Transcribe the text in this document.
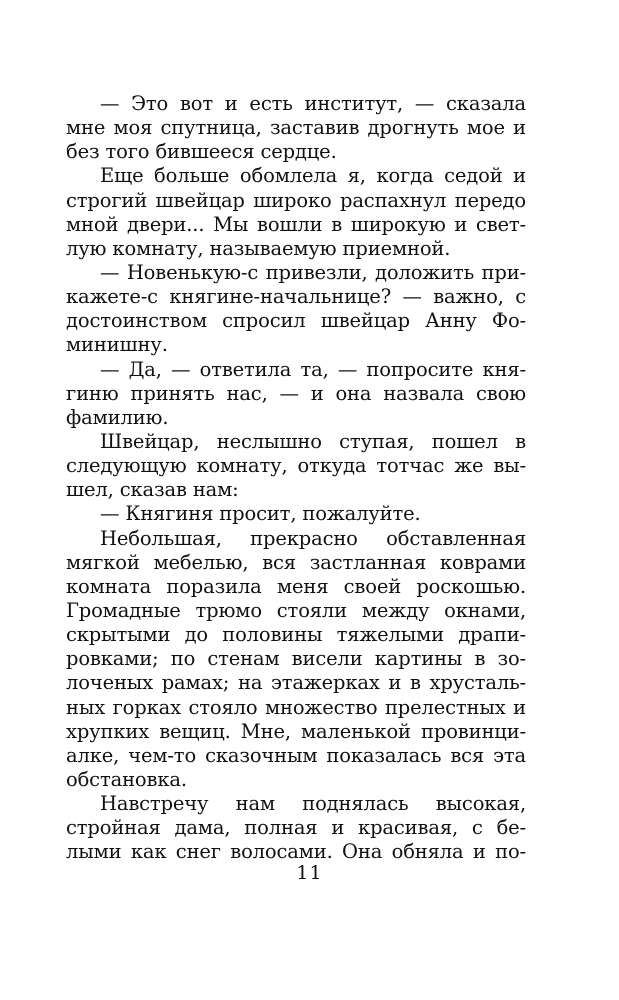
— Это вот и есть институт, — сказала
мне моя спутница, заставив дрогнуть мое и
без того бившееся сердце.
Еще больше обомлела я, когда седой и
строгий швейцар широко распахнул передо
мной двери... Мы вошли в широкую и свет-
лую комнату, называемую приемной.
— Новенькую-с привезли, доложить при-
кажете-с княгине-начальнице? — важно, с
достоинством спросил швейцар Анну Фо-
минишну.
— Да, — ответила та, — попросите кня-
гиню принять нас, — и она назвала свою
фамилию.
Швейцар, неслышно ступая, пошел в
следующую комнату, откуда тотчас же вы-
шел, сказав нам:
— Княгиня просит, пожалуйте.
Небольшая, прекрасно обставленная
мягкой мебелью, вся застланная коврами
комната поразила меня своей роскошью.
Громадные трюмо стояли между окнами,
скрытыми до половины тяжелыми драпи-
ровками; по стенам висели картины в зо-
лоченых рамах; на этажерках и в хрусталь-
ных горках стояло множество прелестных и
хрупких вещиц. Мне, маленькой провинци-
алке, чем-то сказочным показалась вся эта
обстановка.
Навстречу нам поднялась высокая,
стройная дама, полная и красивая, с бе-
лыми как снег волосами. Она обняла и по-
11
